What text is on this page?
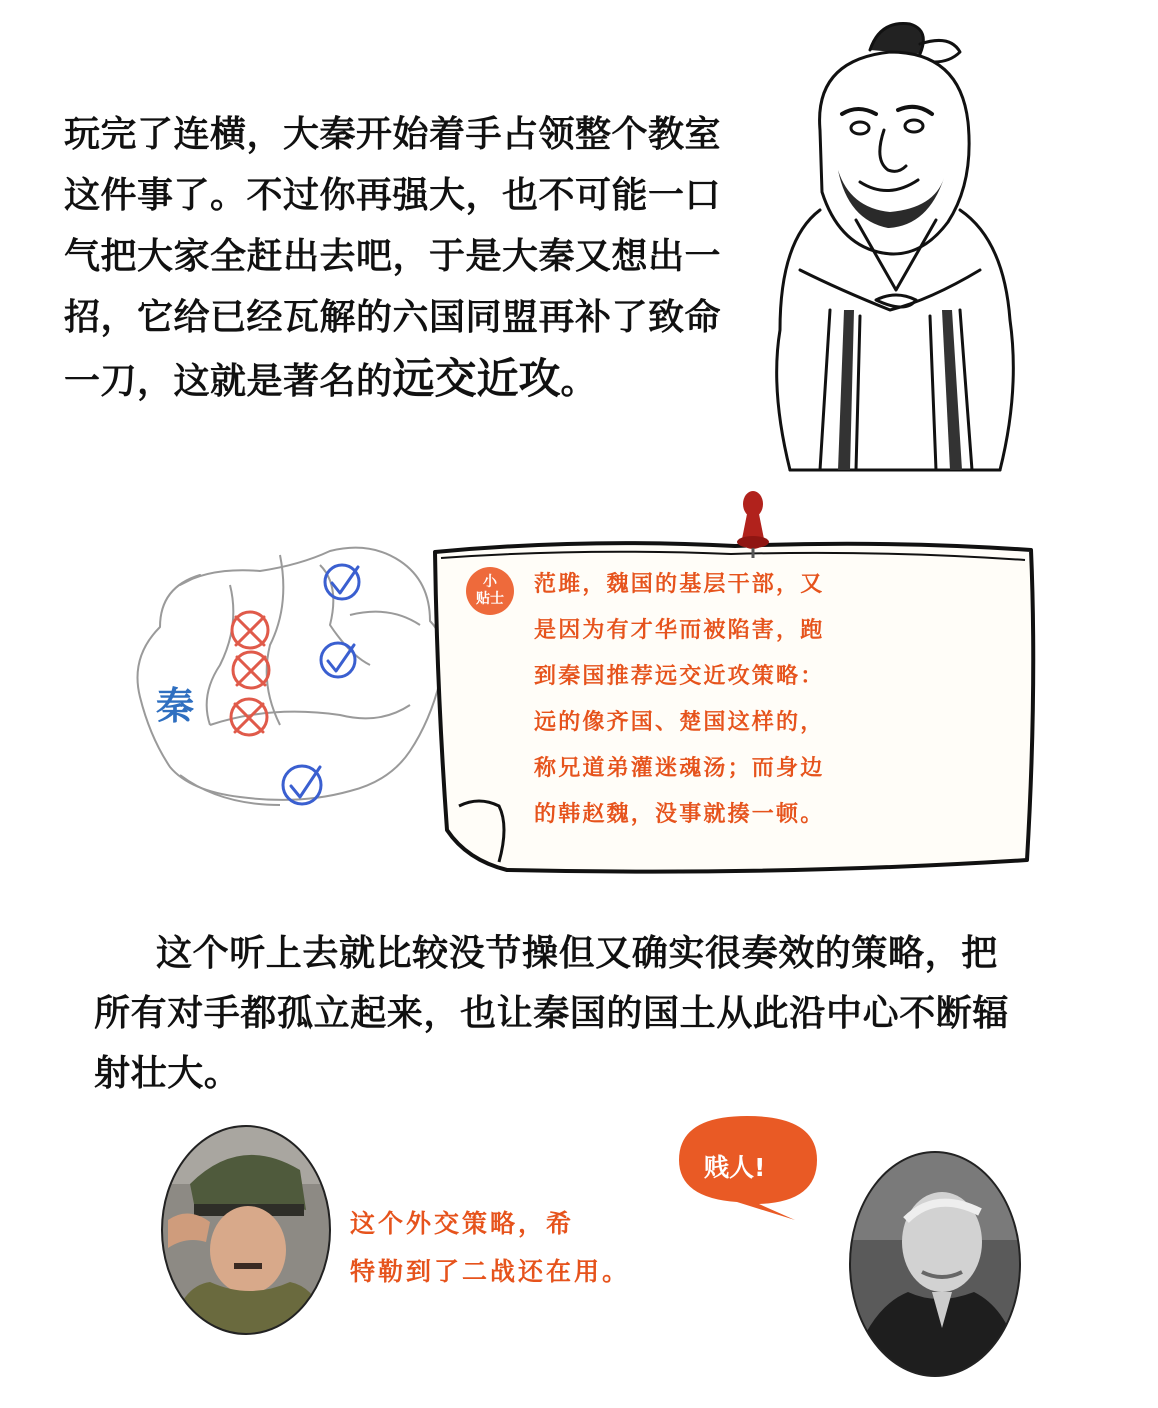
玩完了连横，大秦开始着手占领整个教室
这件事了。不过你再强大，也不可能一口
气把大家全赶出去吧，于是大秦又想出一
招，它给已经瓦解的六国同盟再补了致命
一刀，这就是著名的远交近攻。
秦
小
贴士
范雎，魏国的基层干部，又
是因为有才华而被陷害，跑
到秦国推荐远交近攻策略：
远的像齐国、楚国这样的，
称兄道弟灌迷魂汤；而身边
的韩赵魏，没事就揍一顿。
这个听上去就比较没节操但又确实很奏效的策略，把
所有对手都孤立起来，也让秦国的国土从此沿中心不断辐
射壮大。
贱人!
这个外交策略，希
特勒到了二战还在用。
